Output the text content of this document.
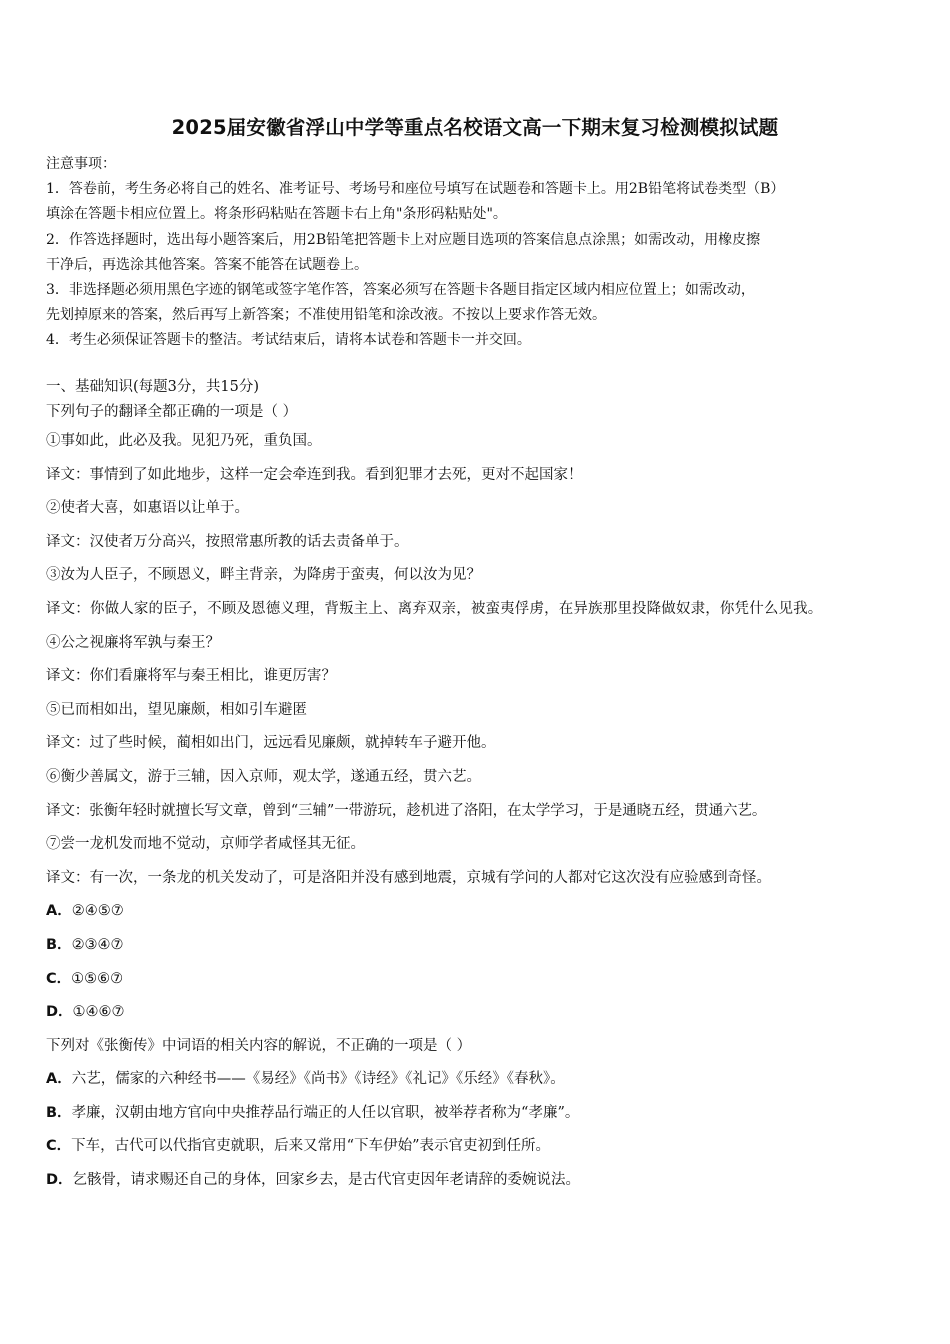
2025届安徽省浮山中学等重点名校语文高一下期末复习检测模拟试题
注意事项：
1．答卷前，考生务必将自己的姓名、准考证号、考场号和座位号填写在试题卷和答题卡上。用2B铅笔将试卷类型（B）
填涂在答题卡相应位置上。将条形码粘贴在答题卡右上角"条形码粘贴处"。
2．作答选择题时，选出每小题答案后，用2B铅笔把答题卡上对应题目选项的答案信息点涂黑；如需改动，用橡皮擦
干净后，再选涂其他答案。答案不能答在试题卷上。
3．非选择题必须用黑色字迹的钢笔或签字笔作答，答案必须写在答题卡各题目指定区域内相应位置上；如需改动，
先划掉原来的答案，然后再写上新答案；不准使用铅笔和涂改液。不按以上要求作答无效。
4．考生必须保证答题卡的整洁。考试结束后，请将本试卷和答题卡一并交回。
一、基础知识(每题3分，共15分)
下列句子的翻译全都正确的一项是（ ）
①事如此，此必及我。见犯乃死，重负国。
译文：事情到了如此地步，这样一定会牵连到我。看到犯罪才去死，更对不起国家！
②使者大喜，如惠语以让单于。
译文：汉使者万分高兴，按照常惠所教的话去责备单于。
③汝为人臣子，不顾恩义，畔主背亲，为降虏于蛮夷，何以汝为见？
译文：你做人家的臣子，不顾及恩德义理，背叛主上、离弃双亲，被蛮夷俘虏，在异族那里投降做奴隶，你凭什么见我。
④公之视廉将军孰与秦王？
译文：你们看廉将军与秦王相比，谁更厉害？
⑤已而相如出，望见廉颇，相如引车避匿
译文：过了些时候，蔺相如出门，远远看见廉颇，就掉转车子避开他。
⑥衡少善属文，游于三辅，因入京师，观太学，遂通五经，贯六艺。
译文：张衡年轻时就擅长写文章，曾到“三辅”一带游玩，趁机进了洛阳，在太学学习，于是通晓五经，贯通六艺。
⑦尝一龙机发而地不觉动，京师学者咸怪其无征。
译文：有一次，一条龙的机关发动了，可是洛阳并没有感到地震，京城有学问的人都对它这次没有应验感到奇怪。
A．②④⑤⑦
B．②③④⑦
C．①⑤⑥⑦
D．①④⑥⑦
下列对《张衡传》中词语的相关内容的解说，不正确的一项是（ ）
A．六艺，儒家的六种经书——《易经》《尚书》《诗经》《礼记》《乐经》《春秋》。
B．孝廉，汉朝由地方官向中央推荐品行端正的人任以官职，被举荐者称为“孝廉”。
C．下车，古代可以代指官吏就职，后来又常用“下车伊始”表示官吏初到任所。
D．乞骸骨，请求赐还自己的身体，回家乡去，是古代官吏因年老请辞的委婉说法。
